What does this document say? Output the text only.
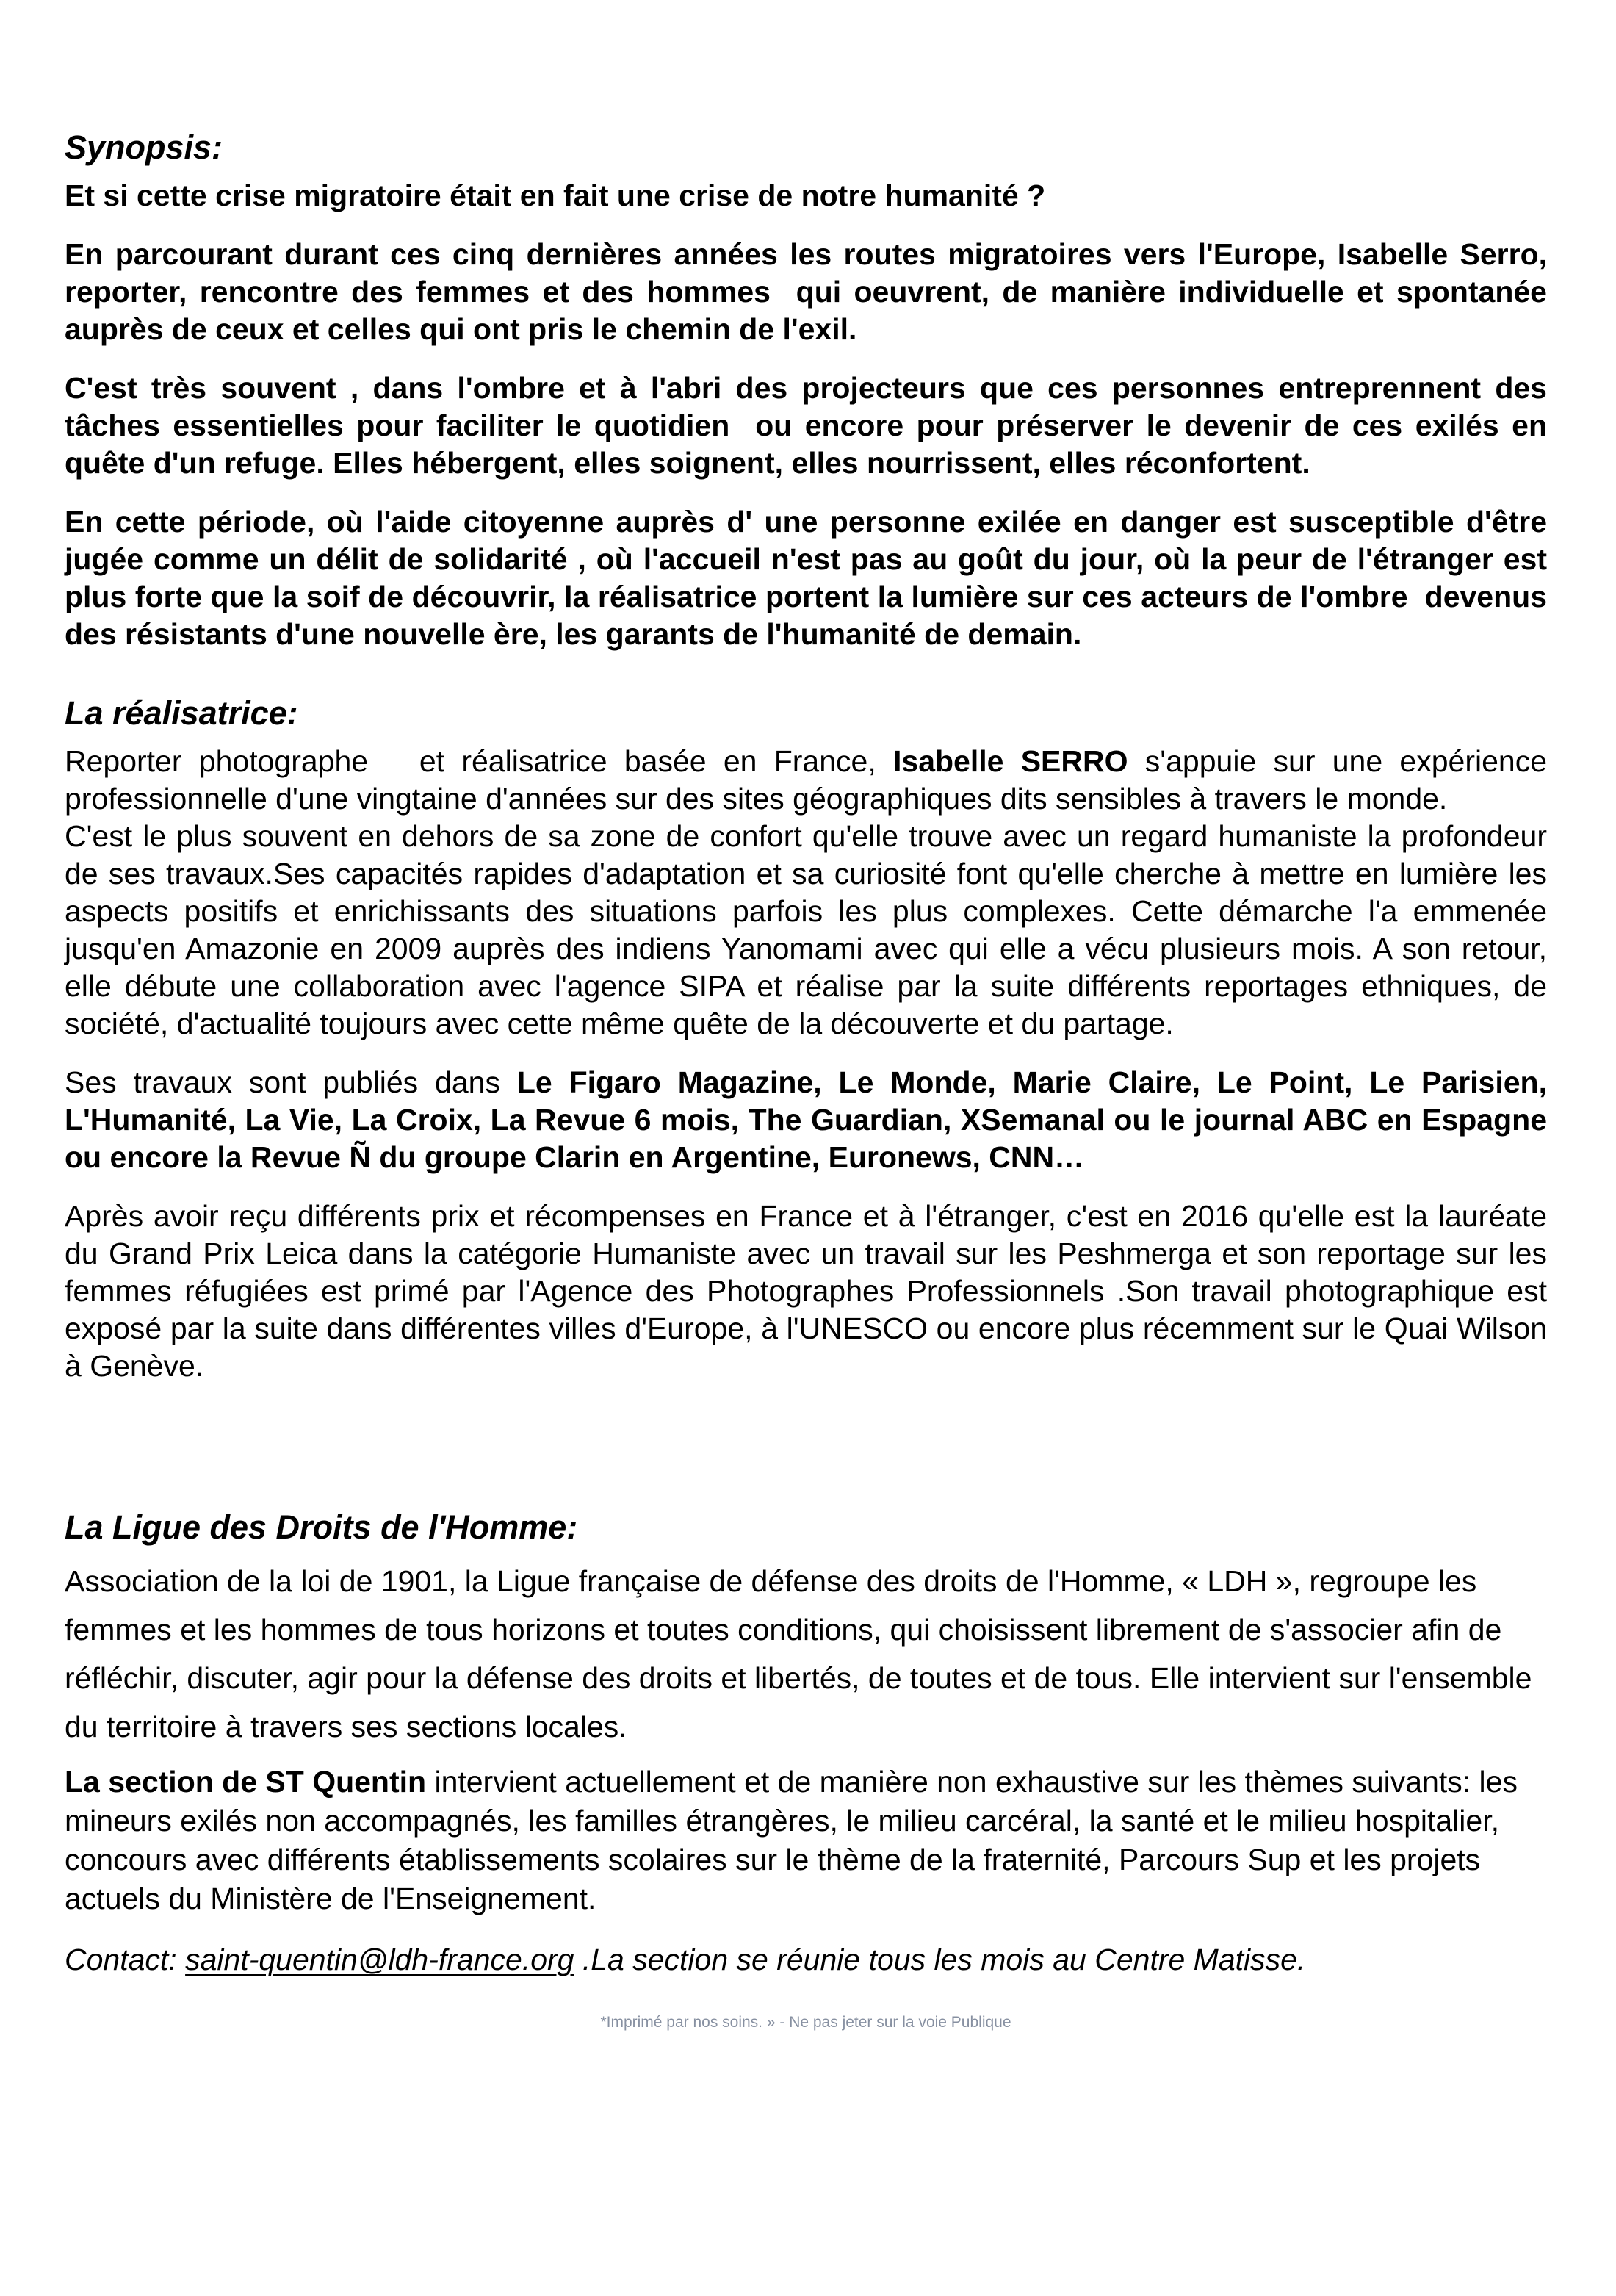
Synopsis:

Et si cette crise migratoire était en fait une crise de notre humanité ?

En parcourant durant ces cinq dernières années les routes migratoires vers l'Europe, Isabelle Serro, reporter, rencontre des femmes et des hommes  qui oeuvrent, de manière individuelle et spontanée auprès de ceux et celles qui ont pris le chemin de l'exil.

C'est très souvent , dans l'ombre et à l'abri des projecteurs que ces personnes entreprennent des tâches essentielles pour faciliter le quotidien  ou encore pour préserver le devenir de ces exilés en quête d'un refuge. Elles hébergent, elles soignent, elles nourrissent, elles réconfortent.

En cette période, où l'aide citoyenne auprès d' une personne exilée en danger est susceptible d'être jugée comme un délit de solidarité , où l'accueil n'est pas au goût du jour, où la peur de l'étranger est plus forte que la soif de découvrir, la réalisatrice portent la lumière sur ces acteurs de l'ombre  devenus  des résistants d'une nouvelle ère, les garants de l'humanité de demain.

La réalisatrice:

Reporter photographe   et réalisatrice basée en France, Isabelle SERRO s'appuie sur une expérience professionnelle d'une vingtaine d'années sur des sites géographiques dits sensibles à travers le monde.

C'est le plus souvent en dehors de sa zone de confort qu'elle trouve avec un regard humaniste la profondeur de ses travaux.Ses capacités rapides d'adaptation et sa curiosité font qu'elle cherche à mettre en lumière les aspects positifs et enrichissants des situations parfois les plus complexes. Cette démarche l'a emmenée jusqu'en Amazonie en 2009 auprès des indiens Yanomami avec qui elle a vécu plusieurs mois. A son retour, elle débute une collaboration avec l'agence SIPA et réalise par la suite différents reportages ethniques, de société, d'actualité toujours avec cette même quête de la découverte et du partage.

Ses travaux sont publiés dans Le Figaro Magazine, Le Monde, Marie Claire, Le Point, Le Parisien, L'Humanité, La Vie, La Croix, La Revue 6 mois, The Guardian, XSemanal ou le journal ABC en Espagne ou encore la Revue Ñ du groupe Clarin en Argentine, Euronews, CNN…

Après avoir reçu différents prix et récompenses en France et à l'étranger, c'est en 2016 qu'elle est la lauréate du Grand Prix Leica dans la catégorie Humaniste avec un travail sur les Peshmerga et son reportage sur les femmes réfugiées est primé par l'Agence des Photographes Professionnels .Son travail photographique est exposé par la suite dans différentes villes d'Europe, à l'UNESCO ou encore plus récemment sur le Quai Wilson à Genève.

La Ligue des Droits de l'Homme:

Association de la loi de 1901, la Ligue française de défense des droits de l'Homme, « LDH », regroupe les femmes et les hommes de tous horizons et toutes conditions, qui choisissent librement de s'associer afin de réfléchir, discuter, agir pour la défense des droits et libertés, de toutes et de tous. Elle intervient sur l'ensemble du territoire à travers ses sections locales.

La section de ST Quentin intervient actuellement et de manière non exhaustive sur les thèmes suivants: les mineurs exilés non accompagnés, les familles étrangères, le milieu carcéral, la santé et le milieu hospitalier, concours avec différents établissements scolaires sur le thème de la fraternité, Parcours Sup et les projets actuels du Ministère de l'Enseignement.

Contact: saint-quentin@ldh-france.org .La section se réunie tous les mois au Centre Matisse.

*Imprimé par nos soins. » - Ne pas jeter sur la voie Publique
